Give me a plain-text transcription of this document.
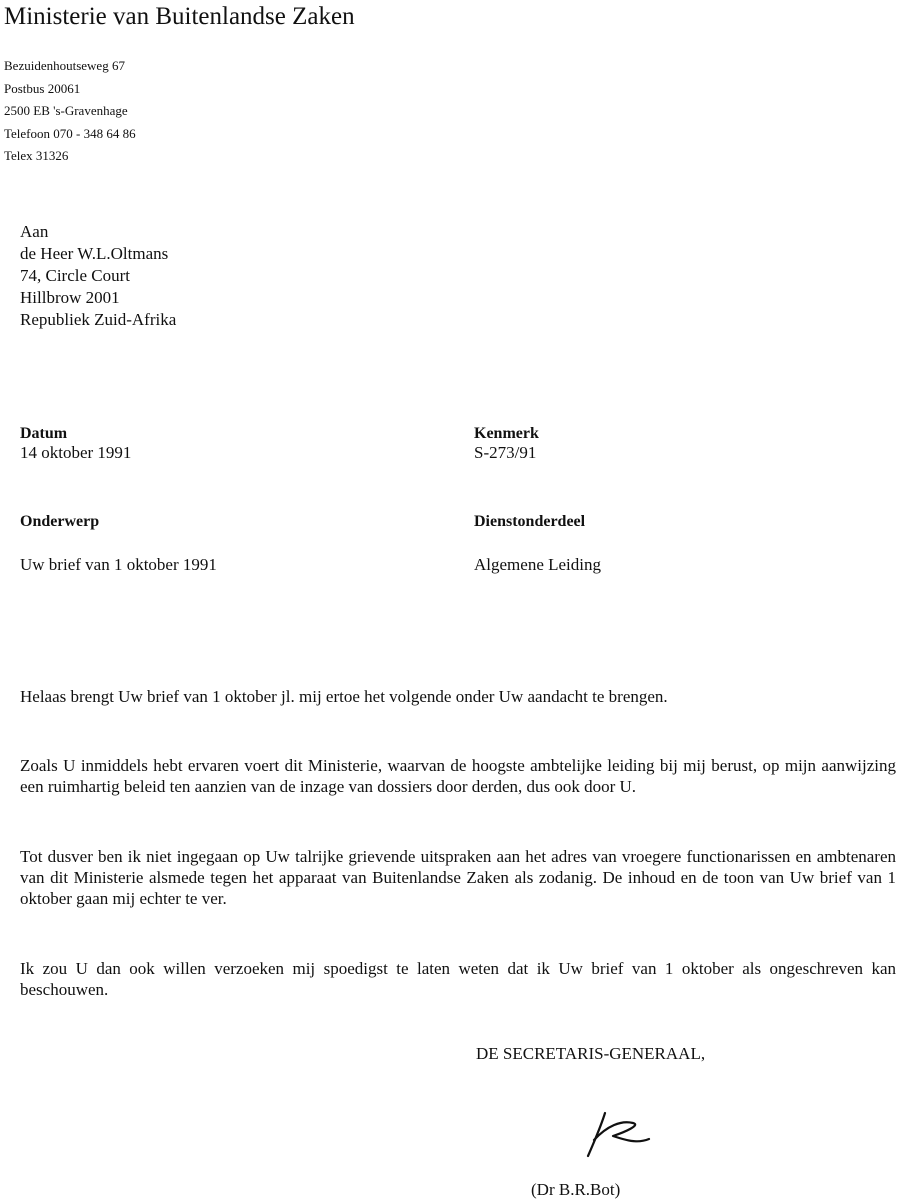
Ministerie van Buitenlandse Zaken
Bezuidenhoutseweg 67
Postbus 20061
2500 EB 's-Gravenhage
Telefoon 070 - 348 64 86
Telex 31326
Aan
de Heer W.L.Oltmans
74, Circle Court
Hillbrow 2001
Republiek Zuid-Afrika
Datum
14 oktober 1991
Kenmerk
S-273/91
Onderwerp
Uw brief van 1 oktober 1991
Dienstonderdeel
Algemene Leiding

Helaas brengt Uw brief van 1 oktober jl. mij ertoe het volgende onder Uw aandacht te brengen.

Zoals U inmiddels hebt ervaren voert dit Ministerie, waarvan de hoogste ambtelijke leiding bij mij berust, op mijn aanwijzing een ruimhartig beleid ten aanzien van de inzage van dossiers door derden, dus ook door U.

Tot dusver ben ik niet ingegaan op Uw talrijke grievende uitspraken aan het adres van vroegere functionarissen en ambtenaren van dit Ministerie alsmede tegen het apparaat van Buitenlandse Zaken als zodanig. De inhoud en de toon van Uw brief van 1 oktober gaan mij echter te ver.

Ik zou U dan ook willen verzoeken mij spoedigst te laten weten dat ik Uw brief van 1 oktober als ongeschreven kan beschouwen.

DE SECRETARIS-GENERAAL,
(Dr B.R.Bot)
